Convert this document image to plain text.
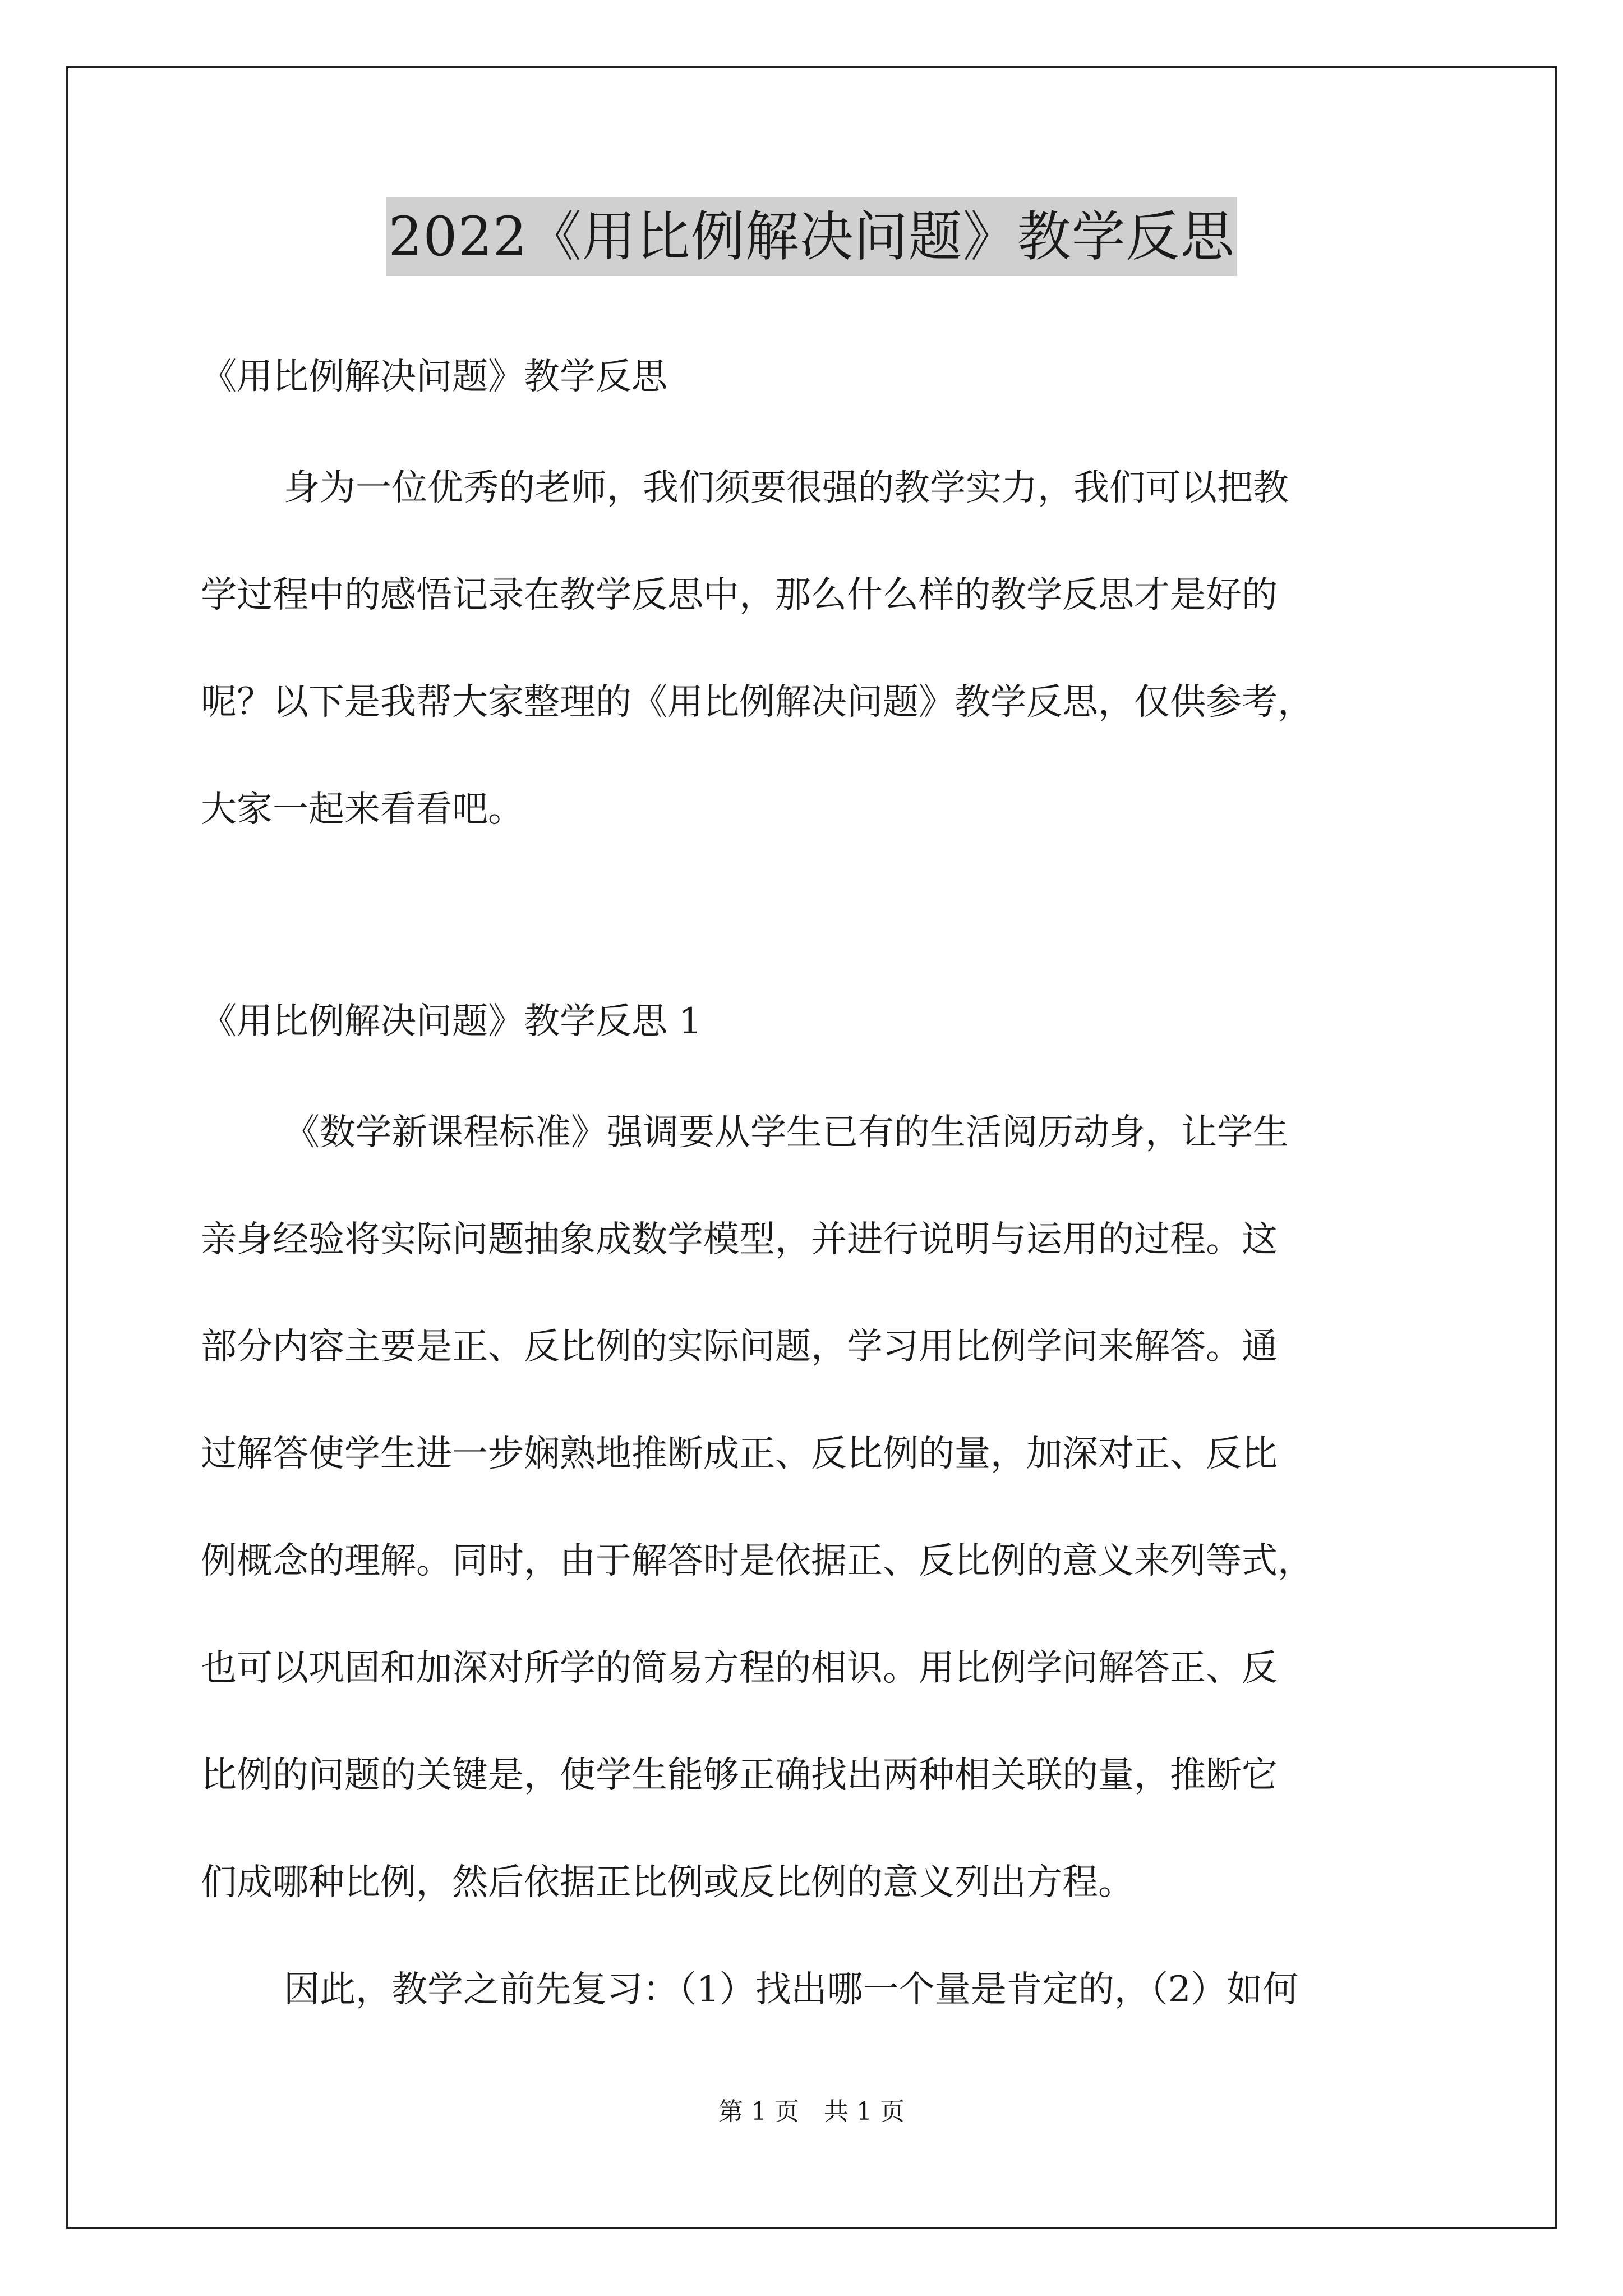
2022《用比例解决问题》教学反思
《用比例解决问题》教学反思
身为一位优秀的老师，我们须要很强的教学实力，我们可以把教
学过程中的感悟记录在教学反思中，那么什么样的教学反思才是好的
呢？以下是我帮大家整理的《用比例解决问题》教学反思，仅供参考，
大家一起来看看吧。
《用比例解决问题》教学反思 1
《数学新课程标准》强调要从学生已有的生活阅历动身，让学生
亲身经验将实际问题抽象成数学模型，并进行说明与运用的过程。这
部分内容主要是正、反比例的实际问题，学习用比例学问来解答。通
过解答使学生进一步娴熟地推断成正、反比例的量，加深对正、反比
例概念的理解。同时，由于解答时是依据正、反比例的意义来列等式，
也可以巩固和加深对所学的简易方程的相识。用比例学问解答正、反
比例的问题的关键是，使学生能够正确找出两种相关联的量，推断它
们成哪种比例，然后依据正比例或反比例的意义列出方程。
因此，教学之前先复习：（1）找出哪一个量是肯定的，（2）如何
第 1 页 共 1 页
